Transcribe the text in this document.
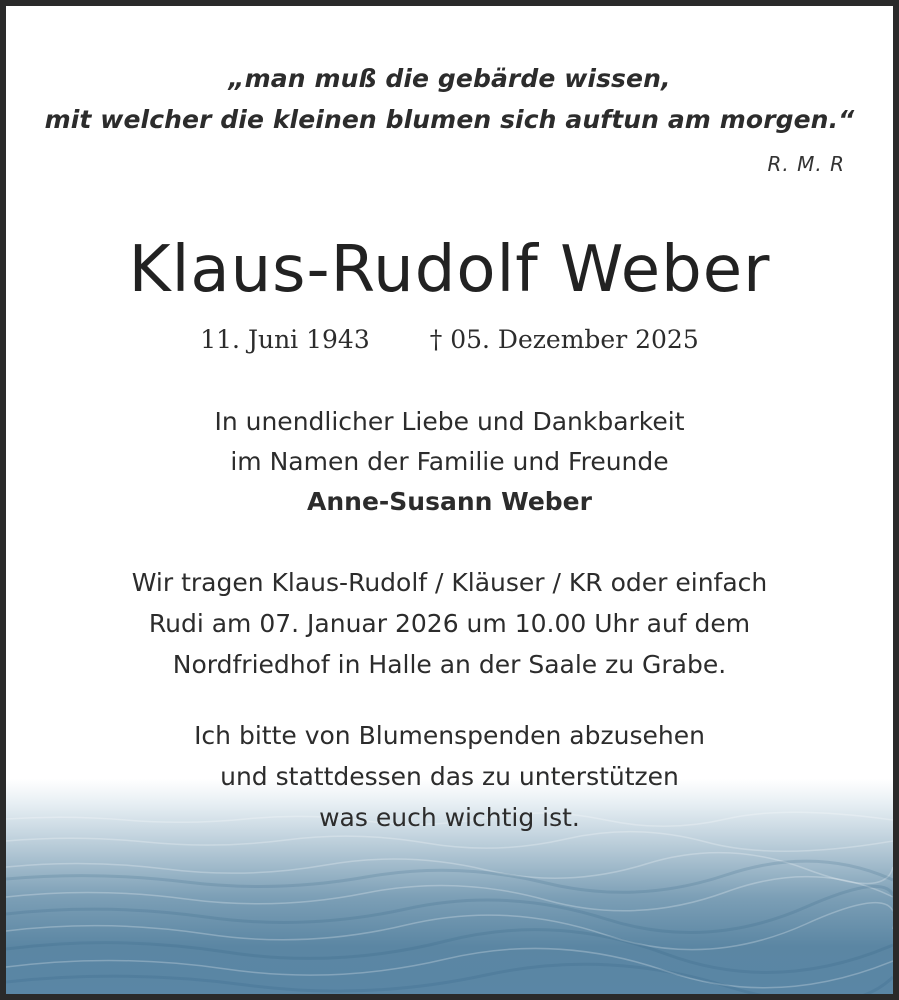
„man muß die gebärde wissen,
mit welcher die kleinen blumen sich auftun am morgen.“
R. M. R
Klaus-Rudolf Weber
11. Juni 1943 † 05. Dezember 2025
In unendlicher Liebe und Dankbarkeit
im Namen der Familie und Freunde
Anne-Susann Weber
Wir tragen Klaus-Rudolf / Kläuser / KR oder einfach
Rudi am 07. Januar 2026 um 10.00 Uhr auf dem
Nordfriedhof in Halle an der Saale zu Grabe.
Ich bitte von Blumenspenden abzusehen
und stattdessen das zu unterstützen
was euch wichtig ist.
